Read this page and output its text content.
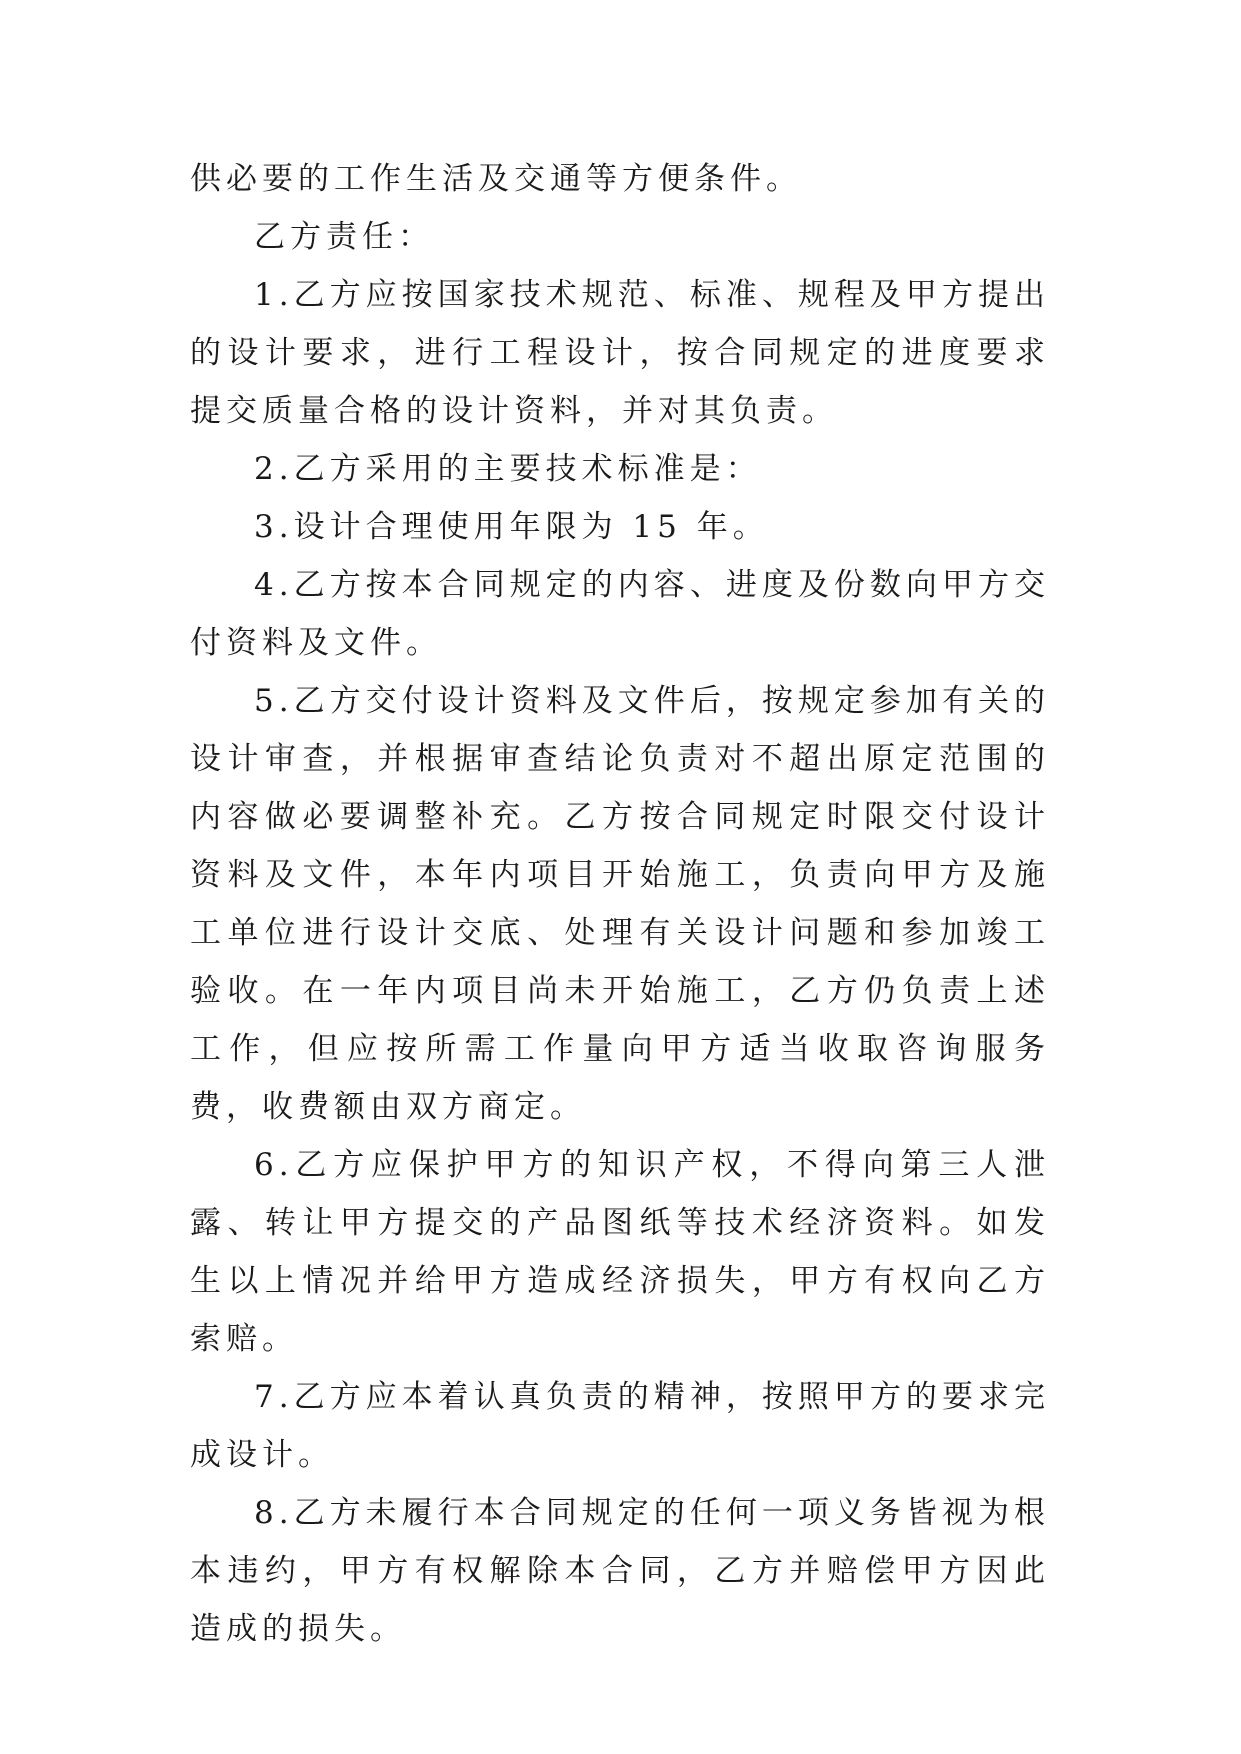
供必要的工作生活及交通等方便条件。

乙方责任：

1.乙方应按国家技术规范、标准、规程及甲方提出的设计要求，进行工程设计，按合同规定的进度要求提交质量合格的设计资料，并对其负责。

2.乙方采用的主要技术标准是：

3.设计合理使用年限为 15 年。

4.乙方按本合同规定的内容、进度及份数向甲方交付资料及文件。

5.乙方交付设计资料及文件后，按规定参加有关的设计审查，并根据审查结论负责对不超出原定范围的内容做必要调整补充。乙方按合同规定时限交付设计资料及文件，本年内项目开始施工，负责向甲方及施工单位进行设计交底、处理有关设计问题和参加竣工验收。在一年内项目尚未开始施工，乙方仍负责上述工作，但应按所需工作量向甲方适当收取咨询服务费，收费额由双方商定。

6.乙方应保护甲方的知识产权，不得向第三人泄露、转让甲方提交的产品图纸等技术经济资料。如发生以上情况并给甲方造成经济损失，甲方有权向乙方索赔。

7.乙方应本着认真负责的精神，按照甲方的要求完成设计。

8.乙方未履行本合同规定的任何一项义务皆视为根本违约，甲方有权解除本合同，乙方并赔偿甲方因此造成的损失。
